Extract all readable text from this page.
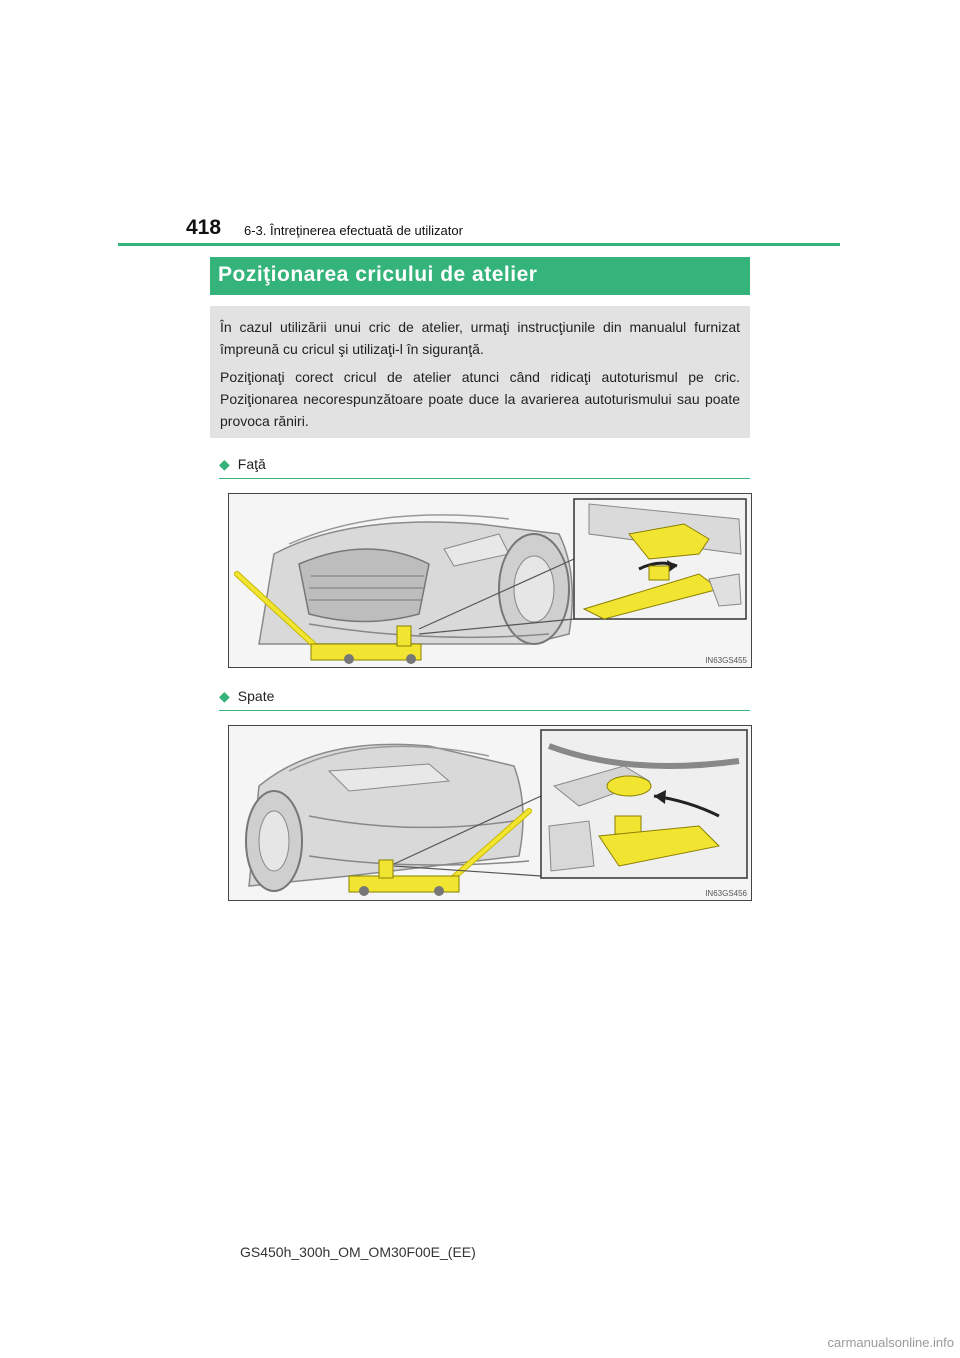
418 6-3. Întreţinerea efectuată de utilizator
Poziţionarea cricului de atelier

În cazul utilizării unui cric de atelier, urmaţi instrucţiunile din manualul furnizat împreună cu cricul şi utilizaţi-l în siguranţă.

Poziţionaţi corect cricul de atelier atunci când ridicaţi autoturismul pe cric. Poziţionarea necorespunzătoare poate duce la avarierea autoturismului sau poate provoca răniri.

◆ Faţă
IN63GS455
◆ Spate
IN63GS456
GS450h_300h_OM_OM30F00E_(EE)
carmanualsonline.info
